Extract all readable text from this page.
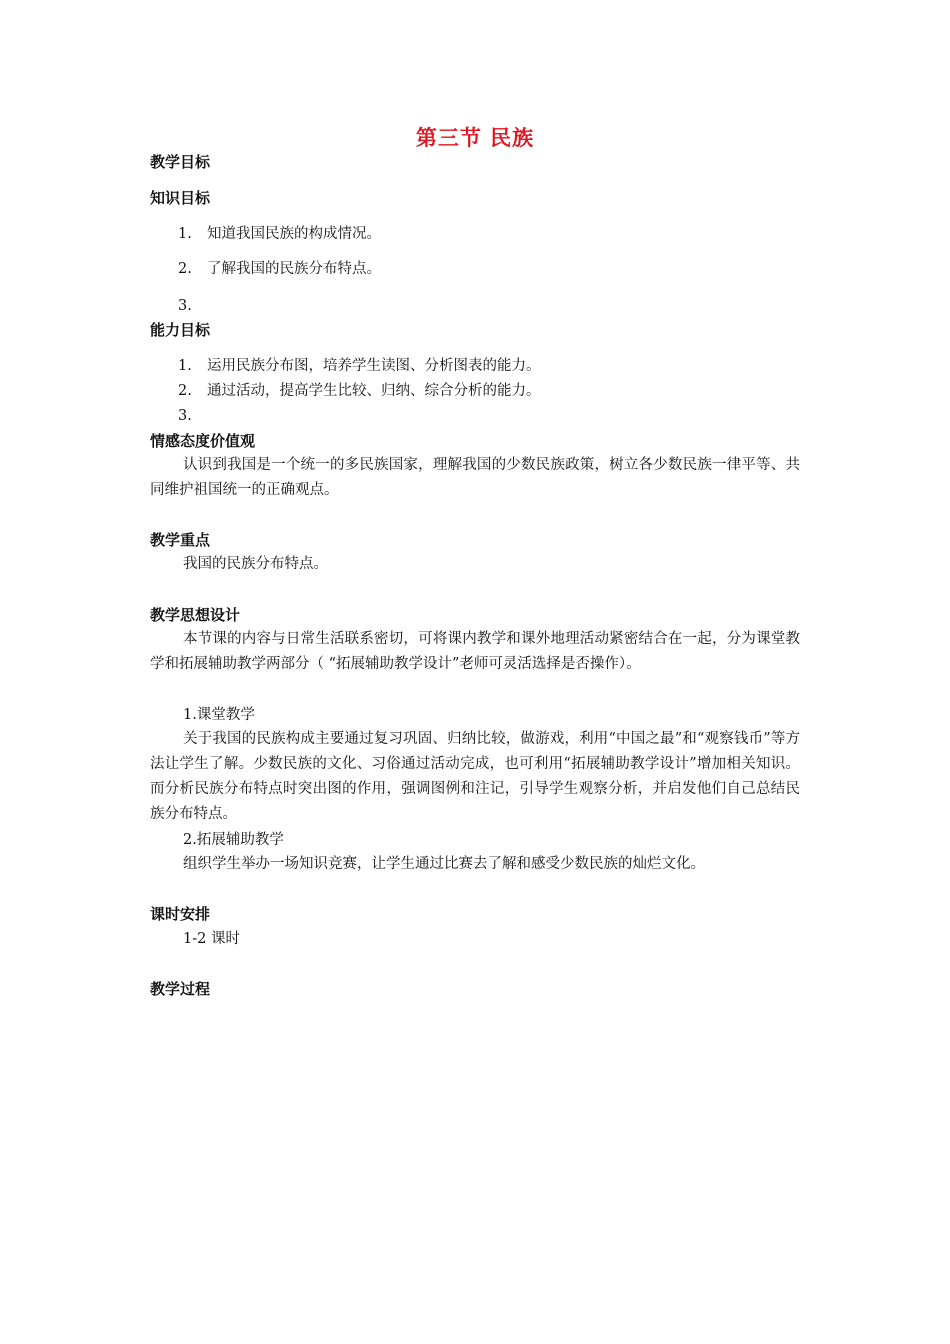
第三节 民族
教学目标
知识目标
1. 知道我国民族的构成情况。
2. 了解我国的民族分布特点。
3.
能力目标
1. 运用民族分布图，培养学生读图、分析图表的能力。
2. 通过活动，提高学生比较、归纳、综合分析的能力。
3.
情感态度价值观
认识到我国是一个统一的多民族国家，理解我国的少数民族政策，树立各少数民族一律平等、共同维护祖国统一的正确观点。
教学重点
我国的民族分布特点。
教学思想设计
本节课的内容与日常生活联系密切，可将课内教学和课外地理活动紧密结合在一起，分为课堂教学和拓展辅助教学两部分（ “拓展辅助教学设计”老师可灵活选择是否操作）。
1.课堂教学
关于我国的民族构成主要通过复习巩固、归纳比较，做游戏，利用“中国之最”和“观察钱币”等方法让学生了解。少数民族的文化、习俗通过活动完成，也可利用“拓展辅助教学设计”增加相关知识。而分析民族分布特点时突出图的作用，强调图例和注记，引导学生观察分析，并启发他们自己总结民族分布特点。
2.拓展辅助教学
组织学生举办一场知识竞赛，让学生通过比赛去了解和感受少数民族的灿烂文化。
课时安排
1-2 课时
教学过程
